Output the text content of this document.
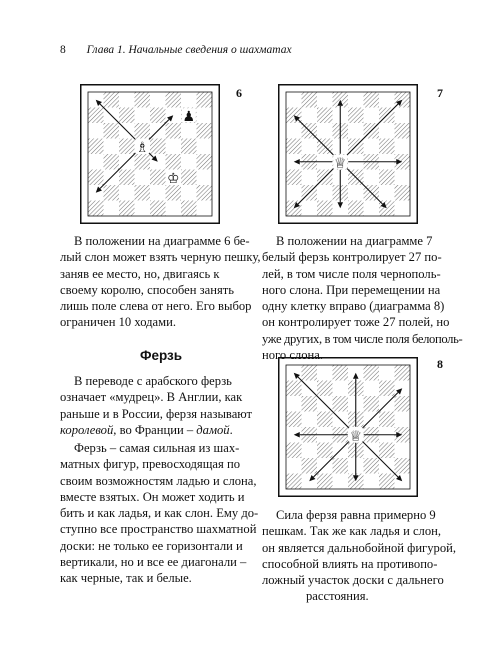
8 Глава 1. Начальные сведения о шахматах
♗
♟
♔
6
♕
7
♕
8
В положении на диаграмме 6 бе-
лый слон может взять черную пешку,
заняв ее место, но, двигаясь к
своему королю, способен занять
лишь поле слева от него. Его выбор
ограничен 10 ходами.
Ферзь
В переводе с арабского ферзь
означает «мудрец». В Англии, как
раньше и в России, ферзя называют
королевой, во Франции – дамой.
Ферзь – самая сильная из шах-
матных фигур, превосходящая по
своим возможностям ладью и слона,
вместе взятых. Он может ходить и
бить и как ладья, и как слон. Ему до-
ступно все пространство шахматной
доски: не только ее горизонтали и
вертикали, но и все ее диагонали –
как черные, так и белые.
В положении на диаграмме 7
белый ферзь контролирует 27 по-
лей, в том числе поля чернополь-
ного слона. При перемещении на
одну клетку вправо (диаграмма 8)
он контролирует тоже 27 полей, но
уже других, в том числе поля белополь-
ного слона.
Сила ферзя равна примерно 9
пешкам. Так же как ладья и слон,
он является дальнобойной фигурой,
способной влиять на противопо-
ложный участок доски с дальнего
расстояния.
